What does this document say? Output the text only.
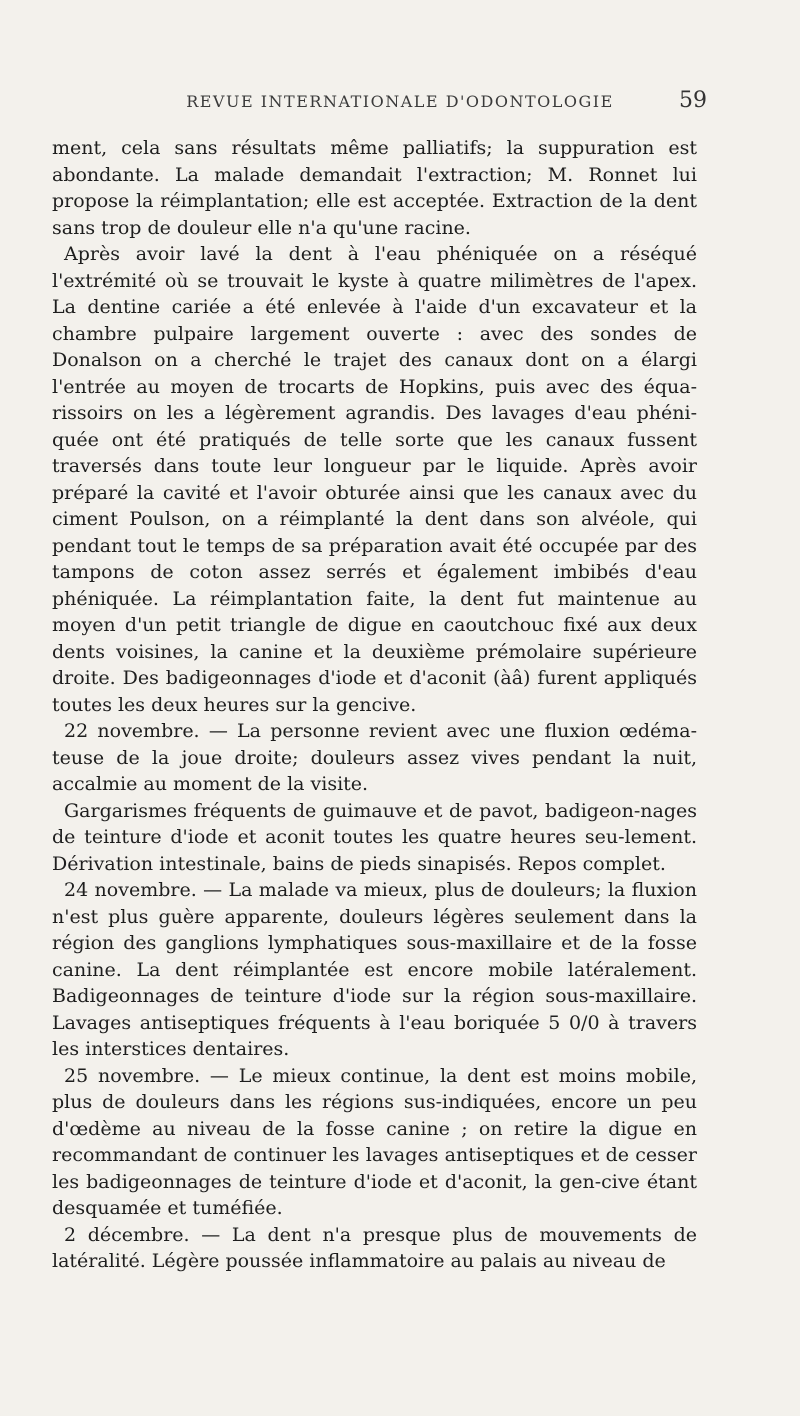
REVUE INTERNATIONALE D'ODONTOLOGIE	59

ment, cela sans résultats même palliatifs; la suppuration est abondante. La malade demandait l'extraction; M. Ronnet lui propose la réimplantation; elle est acceptée. Extraction de la dent sans trop de douleur elle n'a qu'une racine.

Après avoir lavé la dent à l'eau phéniquée on a réséqué l'extrémité où se trouvait le kyste à quatre milimètres de l'apex. La dentine cariée a été enlevée à l'aide d'un excavateur et la chambre pulpaire largement ouverte : avec des sondes de Donalson on a cherché le trajet des canaux dont on a élargi l'entrée au moyen de trocarts de Hopkins, puis avec des équa-rissoirs on les a légèrement agrandis. Des lavages d'eau phéni-quée ont été pratiqués de telle sorte que les canaux fussent traversés dans toute leur longueur par le liquide. Après avoir préparé la cavité et l'avoir obturée ainsi que les canaux avec du ciment Poulson, on a réimplanté la dent dans son alvéole, qui pendant tout le temps de sa préparation avait été occupée par des tampons de coton assez serrés et également imbibés d'eau phéniquée. La réimplantation faite, la dent fut maintenue au moyen d'un petit triangle de digue en caoutchouc fixé aux deux dents voisines, la canine et la deuxième prémolaire supérieure droite. Des badigeonnages d'iode et d'aconit (àâ) furent appliqués toutes les deux heures sur la gencive.

22 novembre. — La personne revient avec une fluxion œdéma-teuse de la joue droite; douleurs assez vives pendant la nuit, accalmie au moment de la visite.

Gargarismes fréquents de guimauve et de pavot, badigeon-nages de teinture d'iode et aconit toutes les quatre heures seu-lement. Dérivation intestinale, bains de pieds sinapisés. Repos complet.

24 novembre. — La malade va mieux, plus de douleurs; la fluxion n'est plus guère apparente, douleurs légères seulement dans la région des ganglions lymphatiques sous-maxillaire et de la fosse canine. La dent réimplantée est encore mobile latéralement. Badigeonnages de teinture d'iode sur la région sous-maxillaire. Lavages antiseptiques fréquents à l'eau boriquée 5 0/0 à travers les interstices dentaires.

25 novembre. — Le mieux continue, la dent est moins mobile, plus de douleurs dans les régions sus-indiquées, encore un peu d'œdème au niveau de la fosse canine ; on retire la digue en recommandant de continuer les lavages antiseptiques et de cesser les badigeonnages de teinture d'iode et d'aconit, la gen-cive étant desquamée et tuméfiée.

2 décembre. — La dent n'a presque plus de mouvements de latéralité. Légère poussée inflammatoire au palais au niveau de
